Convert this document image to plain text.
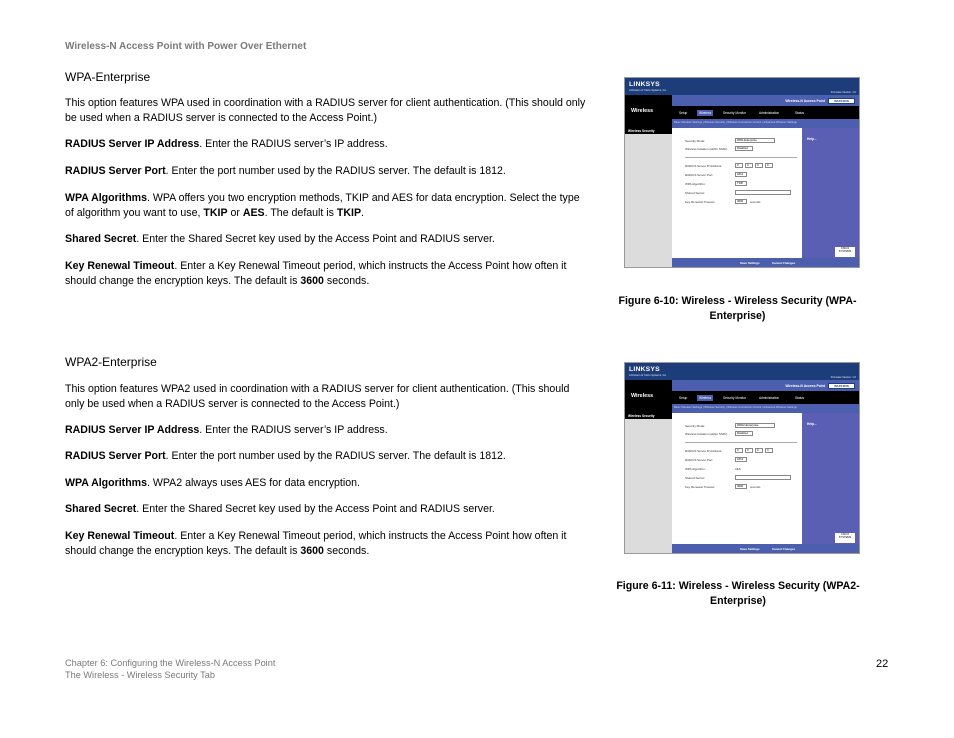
Wireless-N Access Point with Power Over Ethernet
WPA-Enterprise

This option features WPA used in coordination with a RADIUS server for client authentication. (This should only be used when a RADIUS server is connected to the Access Point.)

RADIUS Server IP Address. Enter the RADIUS server’s IP address.

RADIUS Server Port. Enter the port number used by the RADIUS server. The default is 1812.

WPA Algorithms. WPA offers you two encryption methods, TKIP and AES for data encryption. Select the type of algorithm you want to use, TKIP or AES. The default is TKIP.

Shared Secret. Enter the Shared Secret key used by the Access Point and RADIUS server.

Key Renewal Timeout. Enter a Key Renewal Timeout period, which instructs the Access Point how often it should change the encryption keys. The default is 3600 seconds.

LINKSYS
A Division of Cisco Systems, Inc.
Firmware Version: 1.0
Wireless
Wireless-N Access Point	WAP4400N
Setup	Wireless	Security Monitor	Administration	Status
Basic Wireless Settings | Wireless Security | Wireless Connection Control | Advanced Wireless Settings
Wireless Security
Help...
CISCO SYSTEMS
Security Mode:	WPA-Enterprise
Wireless Isolation (within SSID):	Disabled
RADIUS Server IP Address:	0	0	0	0
RADIUS Server Port:	1812
WPA Algorithm:	TKIP
Shared Secret:
Key Renewal Timeout:	3600	seconds
Save Settings	Cancel Changes
Figure 6-10: Wireless - Wireless Security (WPA-Enterprise)
WPA2-Enterprise

This option features WPA2 used in coordination with a RADIUS server for client authentication. (This should only be used when a RADIUS server is connected to the Access Point.)

RADIUS Server IP Address. Enter the RADIUS server’s IP address.

RADIUS Server Port. Enter the port number used by the RADIUS server. The default is 1812.

WPA Algorithms. WPA2 always uses AES for data encryption.

Shared Secret. Enter the Shared Secret key used by the Access Point and RADIUS server.

Key Renewal Timeout. Enter a Key Renewal Timeout period, which instructs the Access Point how often it should change the encryption keys. The default is 3600 seconds.

LINKSYS
A Division of Cisco Systems, Inc.
Firmware Version: 1.0
Wireless
Wireless-N Access Point	WAP4400N
Setup	Wireless	Security Monitor	Administration	Status
Basic Wireless Settings | Wireless Security | Wireless Connection Control | Advanced Wireless Settings
Wireless Security
Help...
CISCO SYSTEMS
Security Mode:	WPA2-Enterprise
Wireless Isolation (within SSID):	Disabled
RADIUS Server IP Address:	0	0	0	0
RADIUS Server Port:	1812
WPA Algorithm:	AES
Shared Secret:
Key Renewal Timeout:	3600	seconds
Save Settings	Cancel Changes
Figure 6-11: Wireless - Wireless Security (WPA2-Enterprise)
Chapter 6: Configuring the Wireless-N Access Point
The Wireless - Wireless Security Tab
22
